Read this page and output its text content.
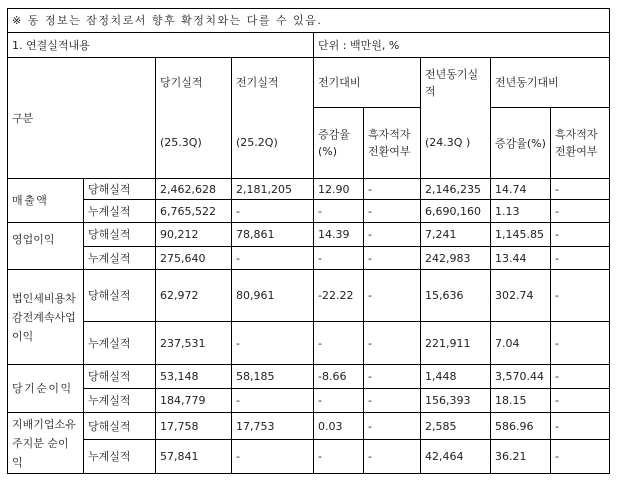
※ 동 정보는 잠정치로서 향후 확정치와는 다를 수 있음.								
1. 연결실적내용				단위 : 백만원, %				
구분		당기실적	전기실적	전기대비		전년동기실적	전년동기대비	
		(25.3Q)	(25.2Q)	증감율(%)	흑자적자전환여부	(24.3Q )	증감율(%)	흑자적자전환여부
매출액	당해실적	2,462,628	2,181,205	12.90	-	2,146,235	14.74	-
	누계실적	6,765,522	-	-	-	6,690,160	1.13	-
영업이익	당해실적	90,212	78,861	14.39	-	7,241	1,145.85	-
	누계실적	275,640	-	-	-	242,983	13.44	-
법인세비용차감전계속사업이익	당해실적	62,972	80,961	-22.22	-	15,636	302.74	-
	누계실적	237,531	-	-	-	221,911	7.04	-
당기순이익	당해실적	53,148	58,185	-8.66	-	1,448	3,570.44	-
	누계실적	184,779	-	-	-	156,393	18.15	-
지배기업소유주지분 순이익	당해실적	17,758	17,753	0.03	-	2,585	586.96	-
	누계실적	57,841	-	-	-	42,464	36.21	-
